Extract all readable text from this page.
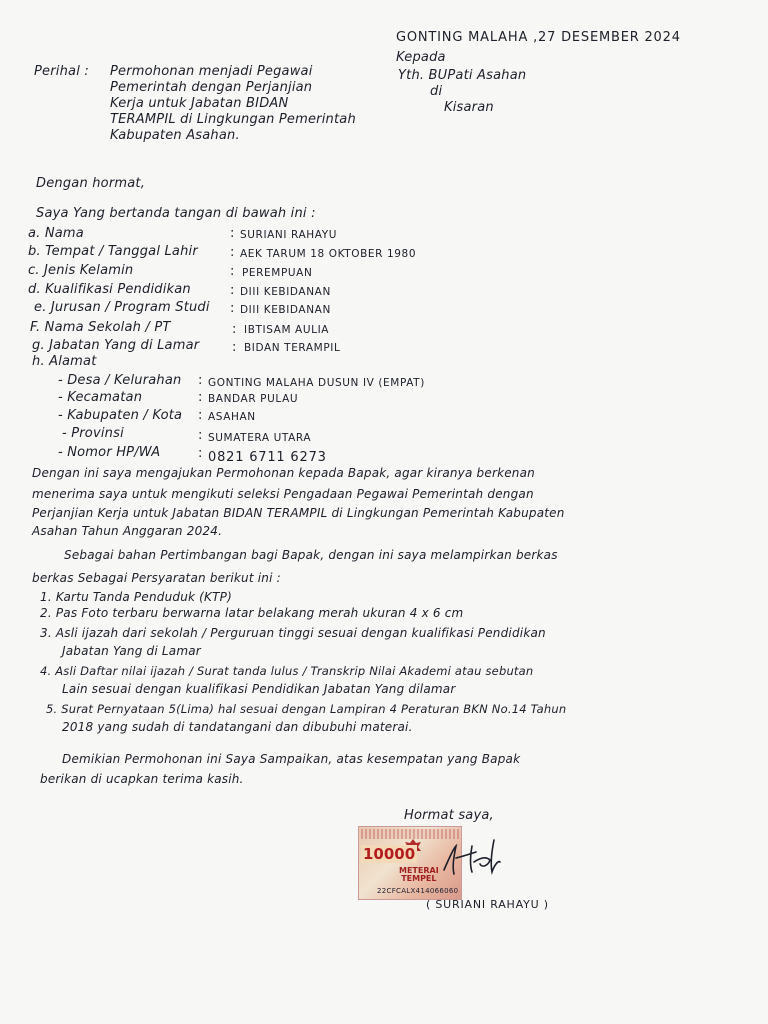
GONTING MALAHA ,27 DESEMBER 2024
Kepada
Yth. BUPati Asahan
di
Kisaran
Perihal : Permohonan menjadi Pegawai
Pemerintah dengan Perjanjian
Kerja untuk Jabatan BIDAN
TERAMPIL di Lingkungan Pemerintah
Kabupaten Asahan.
Dengan hormat,
Saya Yang bertanda tangan di bawah ini :
a. Nama	: SURIANI RAHAYU
b. Tempat / Tanggal Lahir : AEK TARUM 18 OKTOBER 1980
c. Jenis Kelamin	: PEREMPUAN
d. Kualifikasi Pendidikan	: DIII KEBIDANAN
e. Jurusan / Program Studi : DIII KEBIDANAN
F. Nama Sekolah / PT	: IBTISAM AULIA
g. Jabatan Yang di Lamar	: BIDAN TERAMPIL
h. Alamat
- Desa / Kelurahan : GONTING MALAHA DUSUN IV (EMPAT)
- Kecamatan	: BANDAR PULAU
- Kabupaten / Kota : ASAHAN
- Provinsi	: SUMATERA UTARA
- Nomor HP/WA	: 0821 6711 6273
Dengan ini saya mengajukan Permohonan kepada Bapak, agar kiranya berkenan
menerima saya untuk mengikuti seleksi Pengadaan Pegawai Pemerintah dengan
Perjanjian Kerja untuk Jabatan BIDAN TERAMPIL di Lingkungan Pemerintah Kabupaten
Asahan Tahun Anggaran 2024.
Sebagai bahan Pertimbangan bagi Bapak, dengan ini saya melampirkan berkas
berkas Sebagai Persyaratan berikut ini :
1. Kartu Tanda Penduduk (KTP)
2. Pas Foto terbaru berwarna latar belakang merah ukuran 4 x 6 cm
3. Asli ijazah dari sekolah / Perguruan tinggi sesuai dengan kualifikasi Pendidikan
Jabatan Yang di Lamar
4. Asli Daftar nilai ijazah / Surat tanda lulus / Transkrip Nilai Akademi atau sebutan
Lain sesuai dengan kualifikasi Pendidikan Jabatan Yang dilamar
5. Surat Pernyataan 5(Lima) hal sesuai dengan Lampiran 4 Peraturan BKN No.14 Tahun
2018 yang sudah di tandatangani dan dibubuhi materai.
Demikian Permohonan ini Saya Sampaikan, atas kesempatan yang Bapak
berikan di ucapkan terima kasih.
Hormat saya,
10000
METERAI
TEMPEL
22CFCALX414066060
( SURIANI RAHAYU )
